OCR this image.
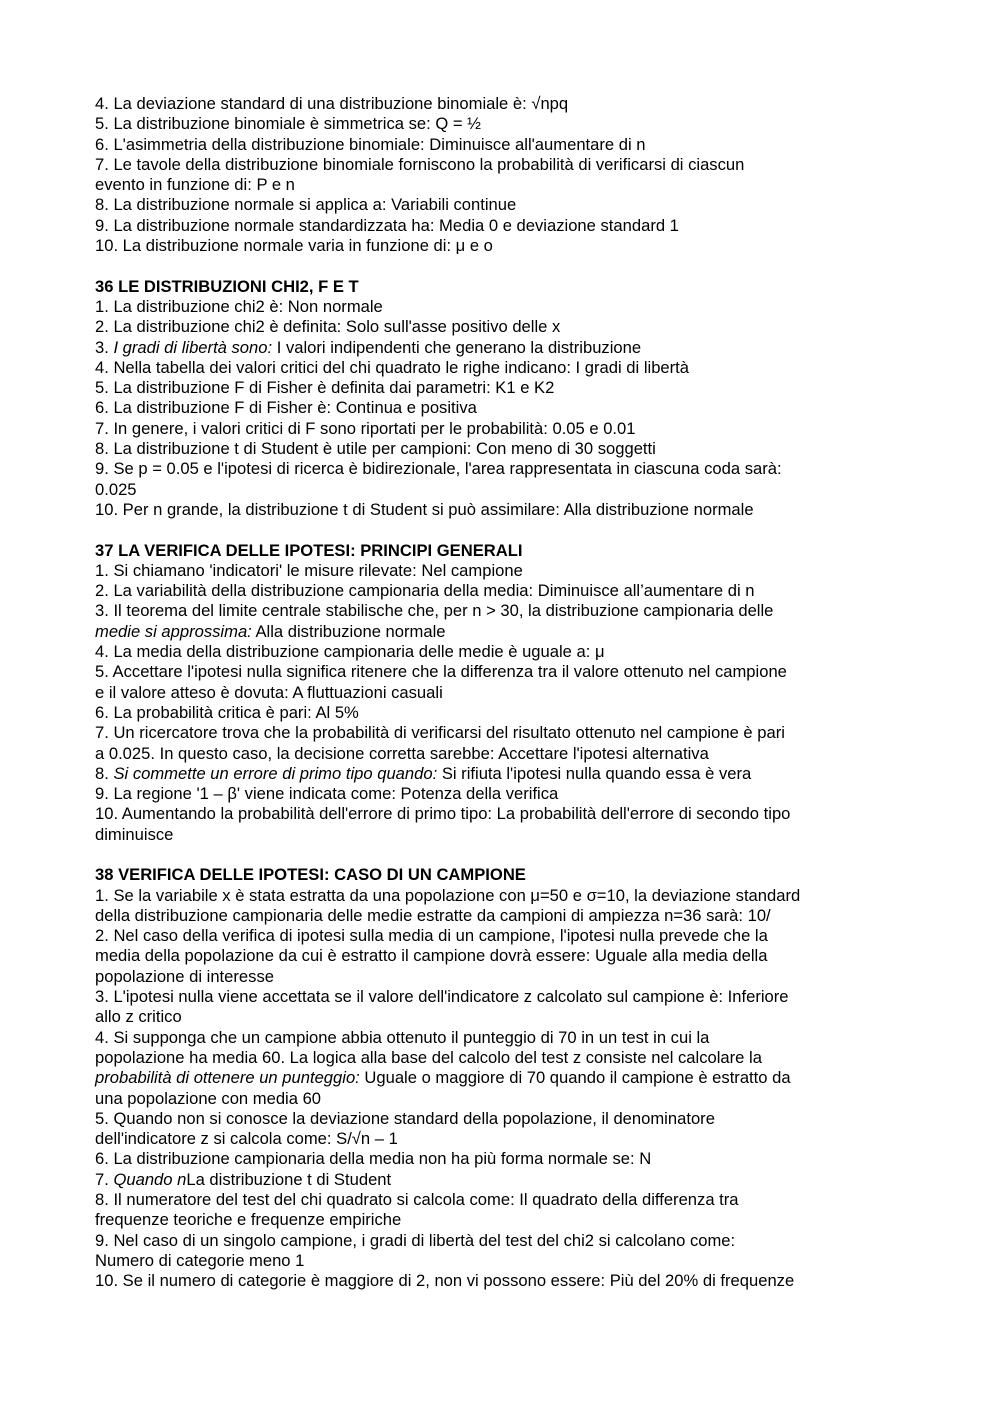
4. La deviazione standard di una distribuzione binomiale è: √npq
5. La distribuzione binomiale è simmetrica se: Q = ½
6. L'asimmetria della distribuzione binomiale: Diminuisce all'aumentare di n
7. Le tavole della distribuzione binomiale forniscono la probabilità di verificarsi di ciascun
evento in funzione di: P e n
8. La distribuzione normale si applica a: Variabili continue
9. La distribuzione normale standardizzata ha: Media 0 e deviazione standard 1
10. La distribuzione normale varia in funzione di: μ e o
36 LE DISTRIBUZIONI CHI2, F E T
1. La distribuzione chi2 è: Non normale
2. La distribuzione chi2 è definita: Solo sull'asse positivo delle x
3. I gradi di libertà sono: I valori indipendenti che generano la distribuzione
4. Nella tabella dei valori critici del chi quadrato le righe indicano: I gradi di libertà
5. La distribuzione F di Fisher è definita dai parametri: K1 e K2
6. La distribuzione F di Fisher è: Continua e positiva
7. In genere, i valori critici di F sono riportati per le probabilità: 0.05 e 0.01
8. La distribuzione t di Student è utile per campioni: Con meno di 30 soggetti
9. Se p = 0.05 e l'ipotesi di ricerca è bidirezionale, l'area rappresentata in ciascuna coda sarà:
0.025
10. Per n grande, la distribuzione t di Student si può assimilare: Alla distribuzione normale
37 LA VERIFICA DELLE IPOTESI: PRINCIPI GENERALI
1. Si chiamano 'indicatori' le misure rilevate: Nel campione
2. La variabilità della distribuzione campionaria della media: Diminuisce all’aumentare di n
3. Il teorema del limite centrale stabilische che, per n > 30, la distribuzione campionaria delle
medie si approssima: Alla distribuzione normale
4. La media della distribuzione campionaria delle medie è uguale a: μ
5. Accettare l'ipotesi nulla significa ritenere che la differenza tra il valore ottenuto nel campione
e il valore atteso è dovuta: A fluttuazioni casuali
6. La probabilità critica è pari: Al 5%
7. Un ricercatore trova che la probabilità di verificarsi del risultato ottenuto nel campione è pari
a 0.025. In questo caso, la decisione corretta sarebbe: Accettare l'ipotesi alternativa
8. Si commette un errore di primo tipo quando: Si rifiuta l'ipotesi nulla quando essa è vera
9. La regione '1 – β' viene indicata come: Potenza della verifica
10. Aumentando la probabilità dell'errore di primo tipo: La probabilità dell'errore di secondo tipo
diminuisce
38 VERIFICA DELLE IPOTESI: CASO DI UN CAMPIONE
1. Se la variabile x è stata estratta da una popolazione con μ=50 e σ=10, la deviazione standard
della distribuzione campionaria delle medie estratte da campioni di ampiezza n=36 sarà: 10/
2. Nel caso della verifica di ipotesi sulla media di un campione, l'ipotesi nulla prevede che la
media della popolazione da cui è estratto il campione dovrà essere: Uguale alla media della
popolazione di interesse
3. L'ipotesi nulla viene accettata se il valore dell'indicatore z calcolato sul campione è: Inferiore
allo z critico
4. Si supponga che un campione abbia ottenuto il punteggio di 70 in un test in cui la
popolazione ha media 60. La logica alla base del calcolo del test z consiste nel calcolare la
probabilità di ottenere un punteggio: Uguale o maggiore di 70 quando il campione è estratto da
una popolazione con media 60
5. Quando non si conosce la deviazione standard della popolazione, il denominatore
dell'indicatore z si calcola come: S/√n – 1
6. La distribuzione campionaria della media non ha più forma normale se: N
7. Quando nLa distribuzione t di Student
8. Il numeratore del test del chi quadrato si calcola come: Il quadrato della differenza tra
frequenze teoriche e frequenze empiriche
9. Nel caso di un singolo campione, i gradi di libertà del test del chi2 si calcolano come:
Numero di categorie meno 1
10. Se il numero di categorie è maggiore di 2, non vi possono essere: Più del 20% di frequenze
